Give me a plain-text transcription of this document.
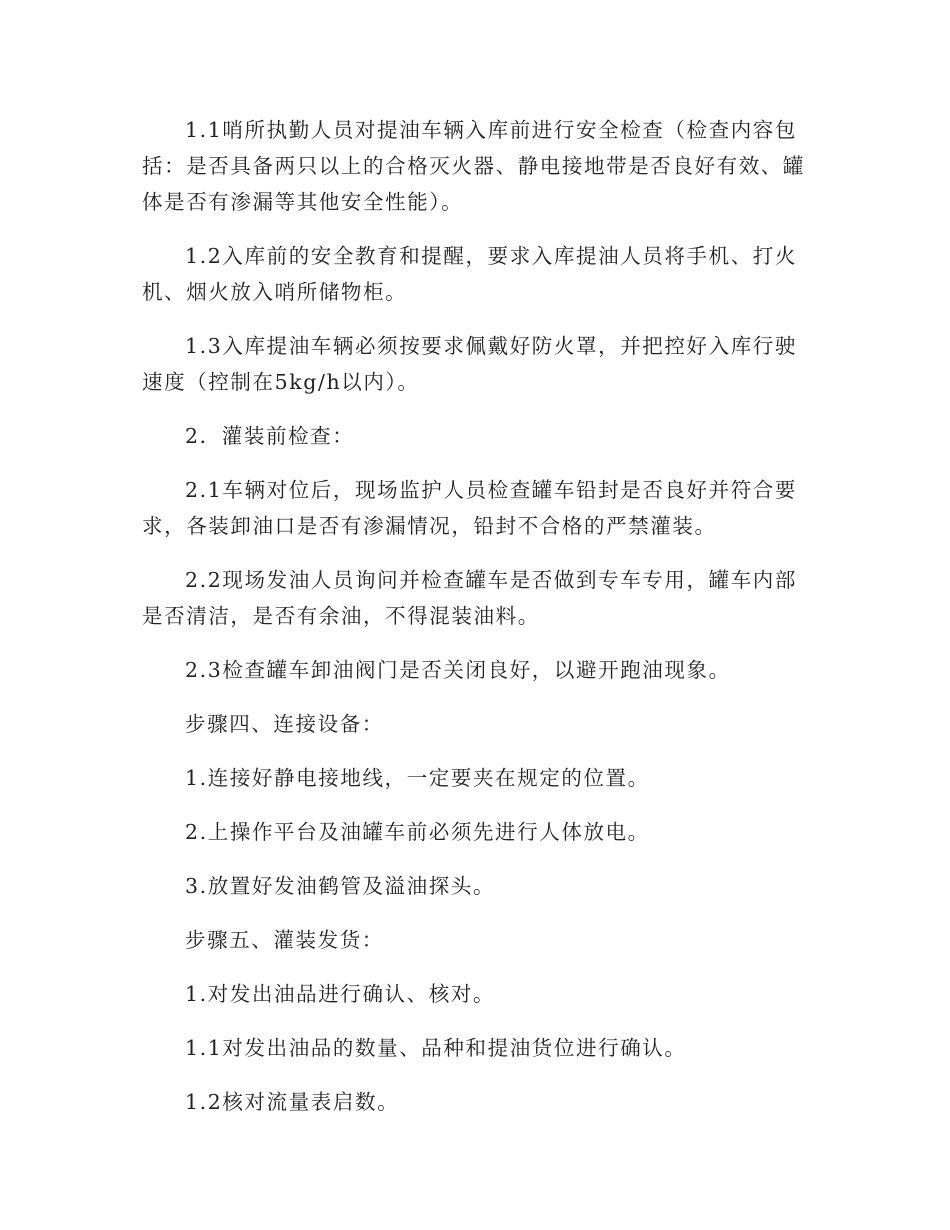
1.1哨所执勤人员对提油车辆入库前进行安全检查（检查内容包括：是否具备两只以上的合格灭火器、静电接地带是否良好有效、罐体是否有渗漏等其他安全性能）。

1.2入库前的安全教育和提醒，要求入库提油人员将手机、打火机、烟火放入哨所储物柜。

1.3入库提油车辆必须按要求佩戴好防火罩，并把控好入库行驶速度（控制在5kg/h以内）。

2．灌装前检查：

2.1车辆对位后，现场监护人员检查罐车铅封是否良好并符合要求，各装卸油口是否有渗漏情况，铅封不合格的严禁灌装。

2.2现场发油人员询问并检查罐车是否做到专车专用，罐车内部是否清洁，是否有余油，不得混装油料。

2.3检查罐车卸油阀门是否关闭良好，以避开跑油现象。

步骤四、连接设备：

1.连接好静电接地线，一定要夹在规定的位置。

2.上操作平台及油罐车前必须先进行人体放电。

3.放置好发油鹤管及溢油探头。

步骤五、灌装发货：

1.对发出油品进行确认、核对。

1.1对发出油品的数量、品种和提油货位进行确认。

1.2核对流量表启数。
